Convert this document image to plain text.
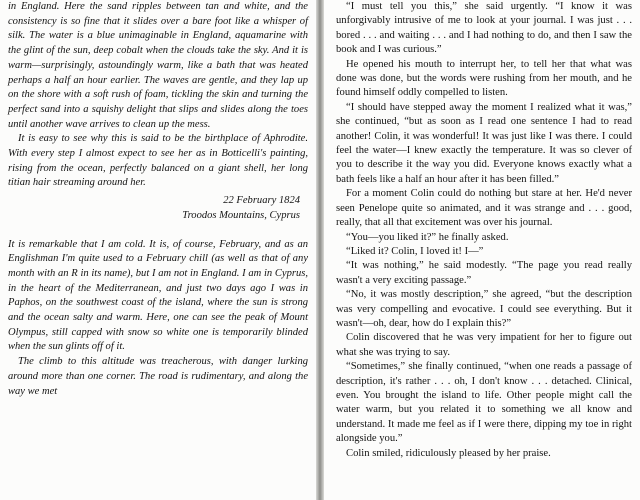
in England. Here the sand ripples between tan and white, and the consistency is so fine that it slides over a bare foot like a whisper of silk. The water is a blue unimaginable in England, aquamarine with the glint of the sun, deep cobalt when the clouds take the sky. And it is warm—surprisingly, astoundingly warm, like a bath that was heated perhaps a half an hour earlier. The waves are gentle, and they lap up on the shore with a soft rush of foam, tickling the skin and turning the perfect sand into a squishy delight that slips and slides along the toes until another wave arrives to clean up the mess.

It is easy to see why this is said to be the birthplace of Aphrodite. With every step I almost expect to see her as in Botticelli's painting, rising from the ocean, perfectly balanced on a giant shell, her long titian hair streaming around her.

22 February 1824
Troodos Mountains, Cyprus

It is remarkable that I am cold. It is, of course, February, and as an Englishman I'm quite used to a February chill (as well as that of any month with an R in its name), but I am not in England. I am in Cyprus, in the heart of the Mediterranean, and just two days ago I was in Paphos, on the southwest coast of the island, where the sun is strong and the ocean salty and warm. Here, one can see the peak of Mount Olympus, still capped with snow so white one is temporarily blinded when the sun glints off of it.

The climb to this altitude was treacherous, with danger lurking around more than one corner. The road is rudimentary, and along the way we met

“I must tell you this,” she said urgently. “I know it was unforgivably intrusive of me to look at your journal. I was just . . . bored . . . and waiting . . . and I had nothing to do, and then I saw the book and I was curious.”

He opened his mouth to interrupt her, to tell her that what was done was done, but the words were rushing from her mouth, and he found himself oddly compelled to listen.

“I should have stepped away the moment I realized what it was,” she continued, “but as soon as I read one sentence I had to read another! Colin, it was wonderful! It was just like I was there. I could feel the water—I knew exactly the temperature. It was so clever of you to describe it the way you did. Everyone knows exactly what a bath feels like a half an hour after it has been filled.”

For a moment Colin could do nothing but stare at her. He'd never seen Penelope quite so animated, and it was strange and . . . good, really, that all that excitement was over his journal.

“You—you liked it?” he finally asked.

“Liked it? Colin, I loved it! I—”

“It was nothing,” he said modestly. “The page you read really wasn't a very exciting passage.”

“No, it was mostly description,” she agreed, “but the description was very compelling and evocative. I could see everything. But it wasn't—oh, dear, how do I explain this?”

Colin discovered that he was very impatient for her to figure out what she was trying to say.

“Sometimes,” she finally continued, “when one reads a passage of description, it's rather . . . oh, I don't know . . . detached. Clinical, even. You brought the island to life. Other people might call the water warm, but you related it to something we all know and understand. It made me feel as if I were there, dipping my toe in right alongside you.”

Colin smiled, ridiculously pleased by her praise.
